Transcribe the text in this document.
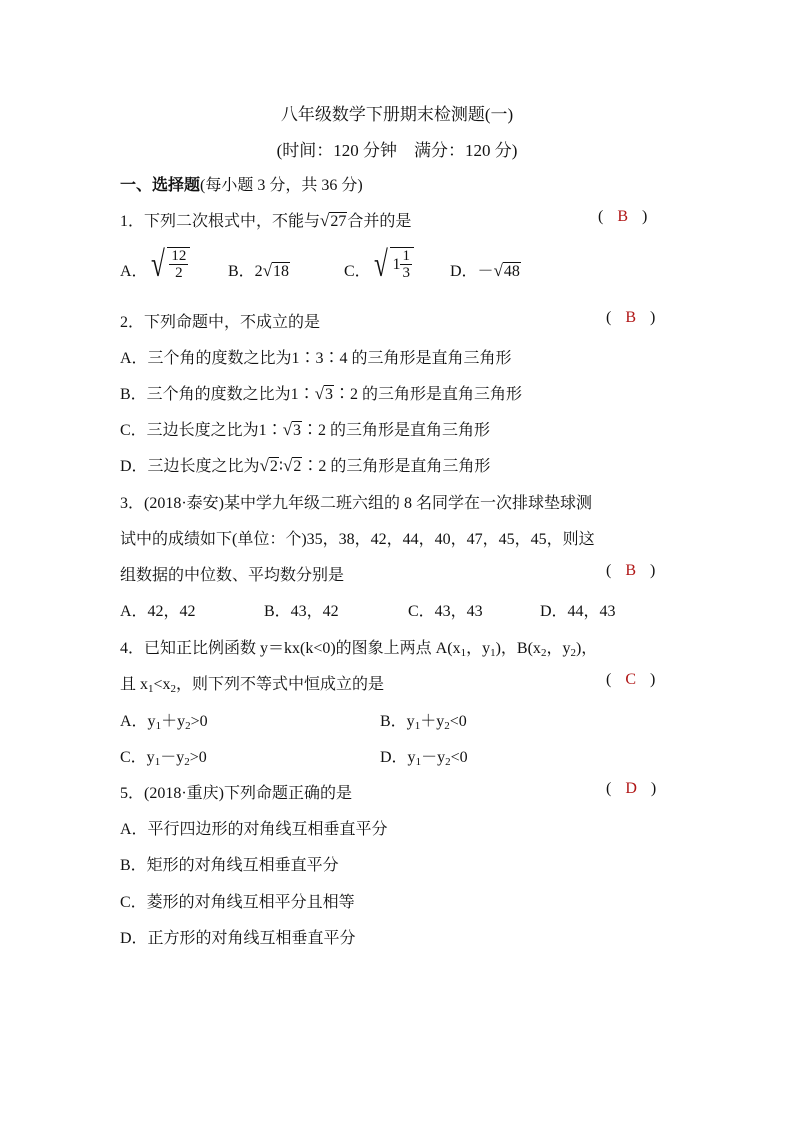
八年级数学下册期末检测题(一)
(时间：120 分钟　满分：120 分)
一、选择题(每小题 3 分，共 36 分)
1．下列二次根式中，不能与√27合并的是	( B )
A． √ $\frac{12}{2}$ B．2√18	C． √ $1 \frac{1}{3}$ D．－√48
2．下列命题中，不成立的是	( B )
A．三个角的度数之比为1∶3∶4 的三角形是直角三角形
B．三个角的度数之比为1∶√3∶2 的三角形是直角三角形
C．三边长度之比为1∶√3∶2 的三角形是直角三角形
D．三边长度之比为√2∶√2∶2 的三角形是直角三角形
3．(2018·泰安)某中学九年级二班六组的 8 名同学在一次排球垫球测
试中的成绩如下(单位：个)35，38，42，44，40，47，45，45，则这
组数据的中位数、平均数分别是	( B )
A．42，42	B．43，42	C．43，43	D．44，43
4．已知正比例函数 y＝kx(k<0)的图象上两点 $A(x_1$，$y_1$)，$B(x_2$，$y_2$)，
且 $x_1<x_2$，则下列不等式中恒成立的是	( C )
A．$y_1+y_2>0$	B．$y_1+y_2<0$
C．$y_1-y_2>0$	D．$y_1-y_2<0$
5．(2018·重庆)下列命题正确的是	( D )
A．平行四边形的对角线互相垂直平分
B．矩形的对角线互相垂直平分
C．菱形的对角线互相平分且相等
D．正方形的对角线互相垂直平分
